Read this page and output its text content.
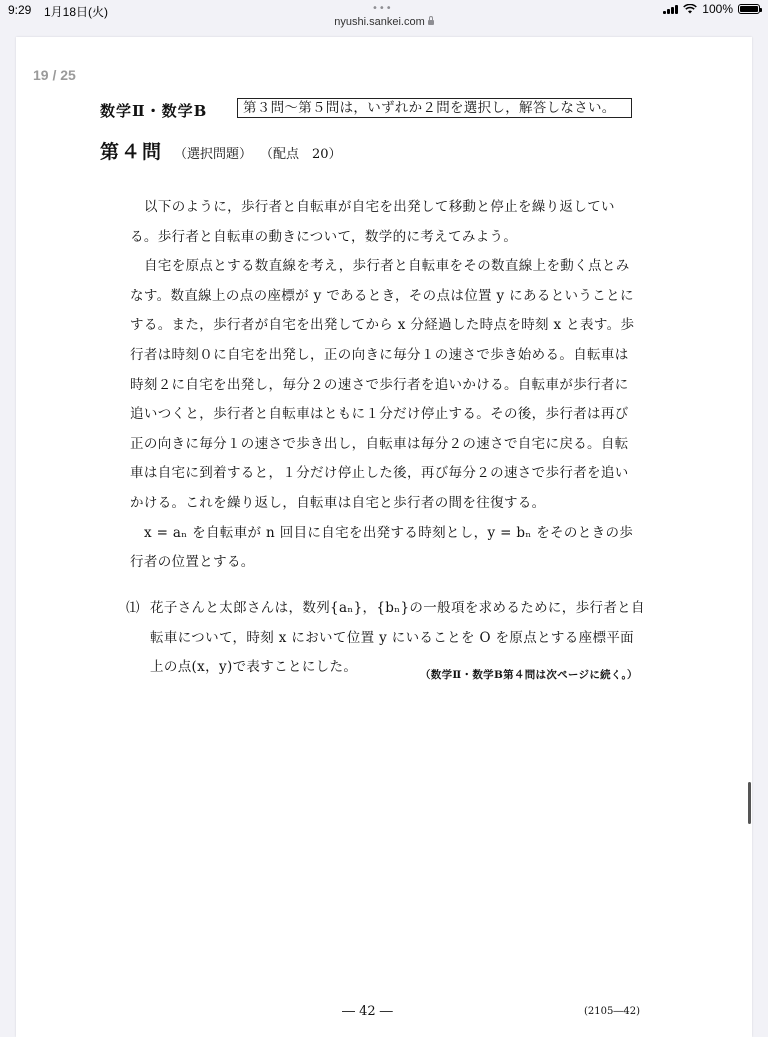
9:29 1月18日(火)	•••	100%
nyushi.sankei.com
19 / 25
数学Ⅱ・数学B	第３問～第５問は，いずれか２問を選択し，解答しなさい。
第４問 （選択問題） （配点　20）

以下のように，歩行者と自転車が自宅を出発して移動と停止を繰り返している。歩行者と自転車の動きについて，数学的に考えてみよう。

自宅を原点とする数直線を考え，歩行者と自転車をその数直線上を動く点とみなす。数直線上の点の座標が y であるとき，その点は位置 y にあるということにする。また，歩行者が自宅を出発してから x 分経過した時点を時刻 x と表す。歩行者は時刻０に自宅を出発し，正の向きに毎分１の速さで歩き始める。自転車は時刻２に自宅を出発し，毎分２の速さで歩行者を追いかける。自転車が歩行者に追いつくと，歩行者と自転車はともに１分だけ停止する。その後，歩行者は再び正の向きに毎分１の速さで歩き出し，自転車は毎分２の速さで自宅に戻る。自転車は自宅に到着すると，１分だけ停止した後，再び毎分２の速さで歩行者を追いかける。これを繰り返し，自転車は自宅と歩行者の間を往復する。

x = aₙ を自転車が n 回目に自宅を出発する時刻とし，y = bₙ をそのときの歩行者の位置とする。

⑴ 花子さんと太郎さんは，数列{aₙ}，{bₙ}の一般項を求めるために，歩行者と自転車について，時刻 x において位置 y にいることを O を原点とする座標平面上の点(x，y)で表すことにした。	（数学Ⅱ・数学B第４問は次ページに続く。）
― 42 ―	(2105―42)
